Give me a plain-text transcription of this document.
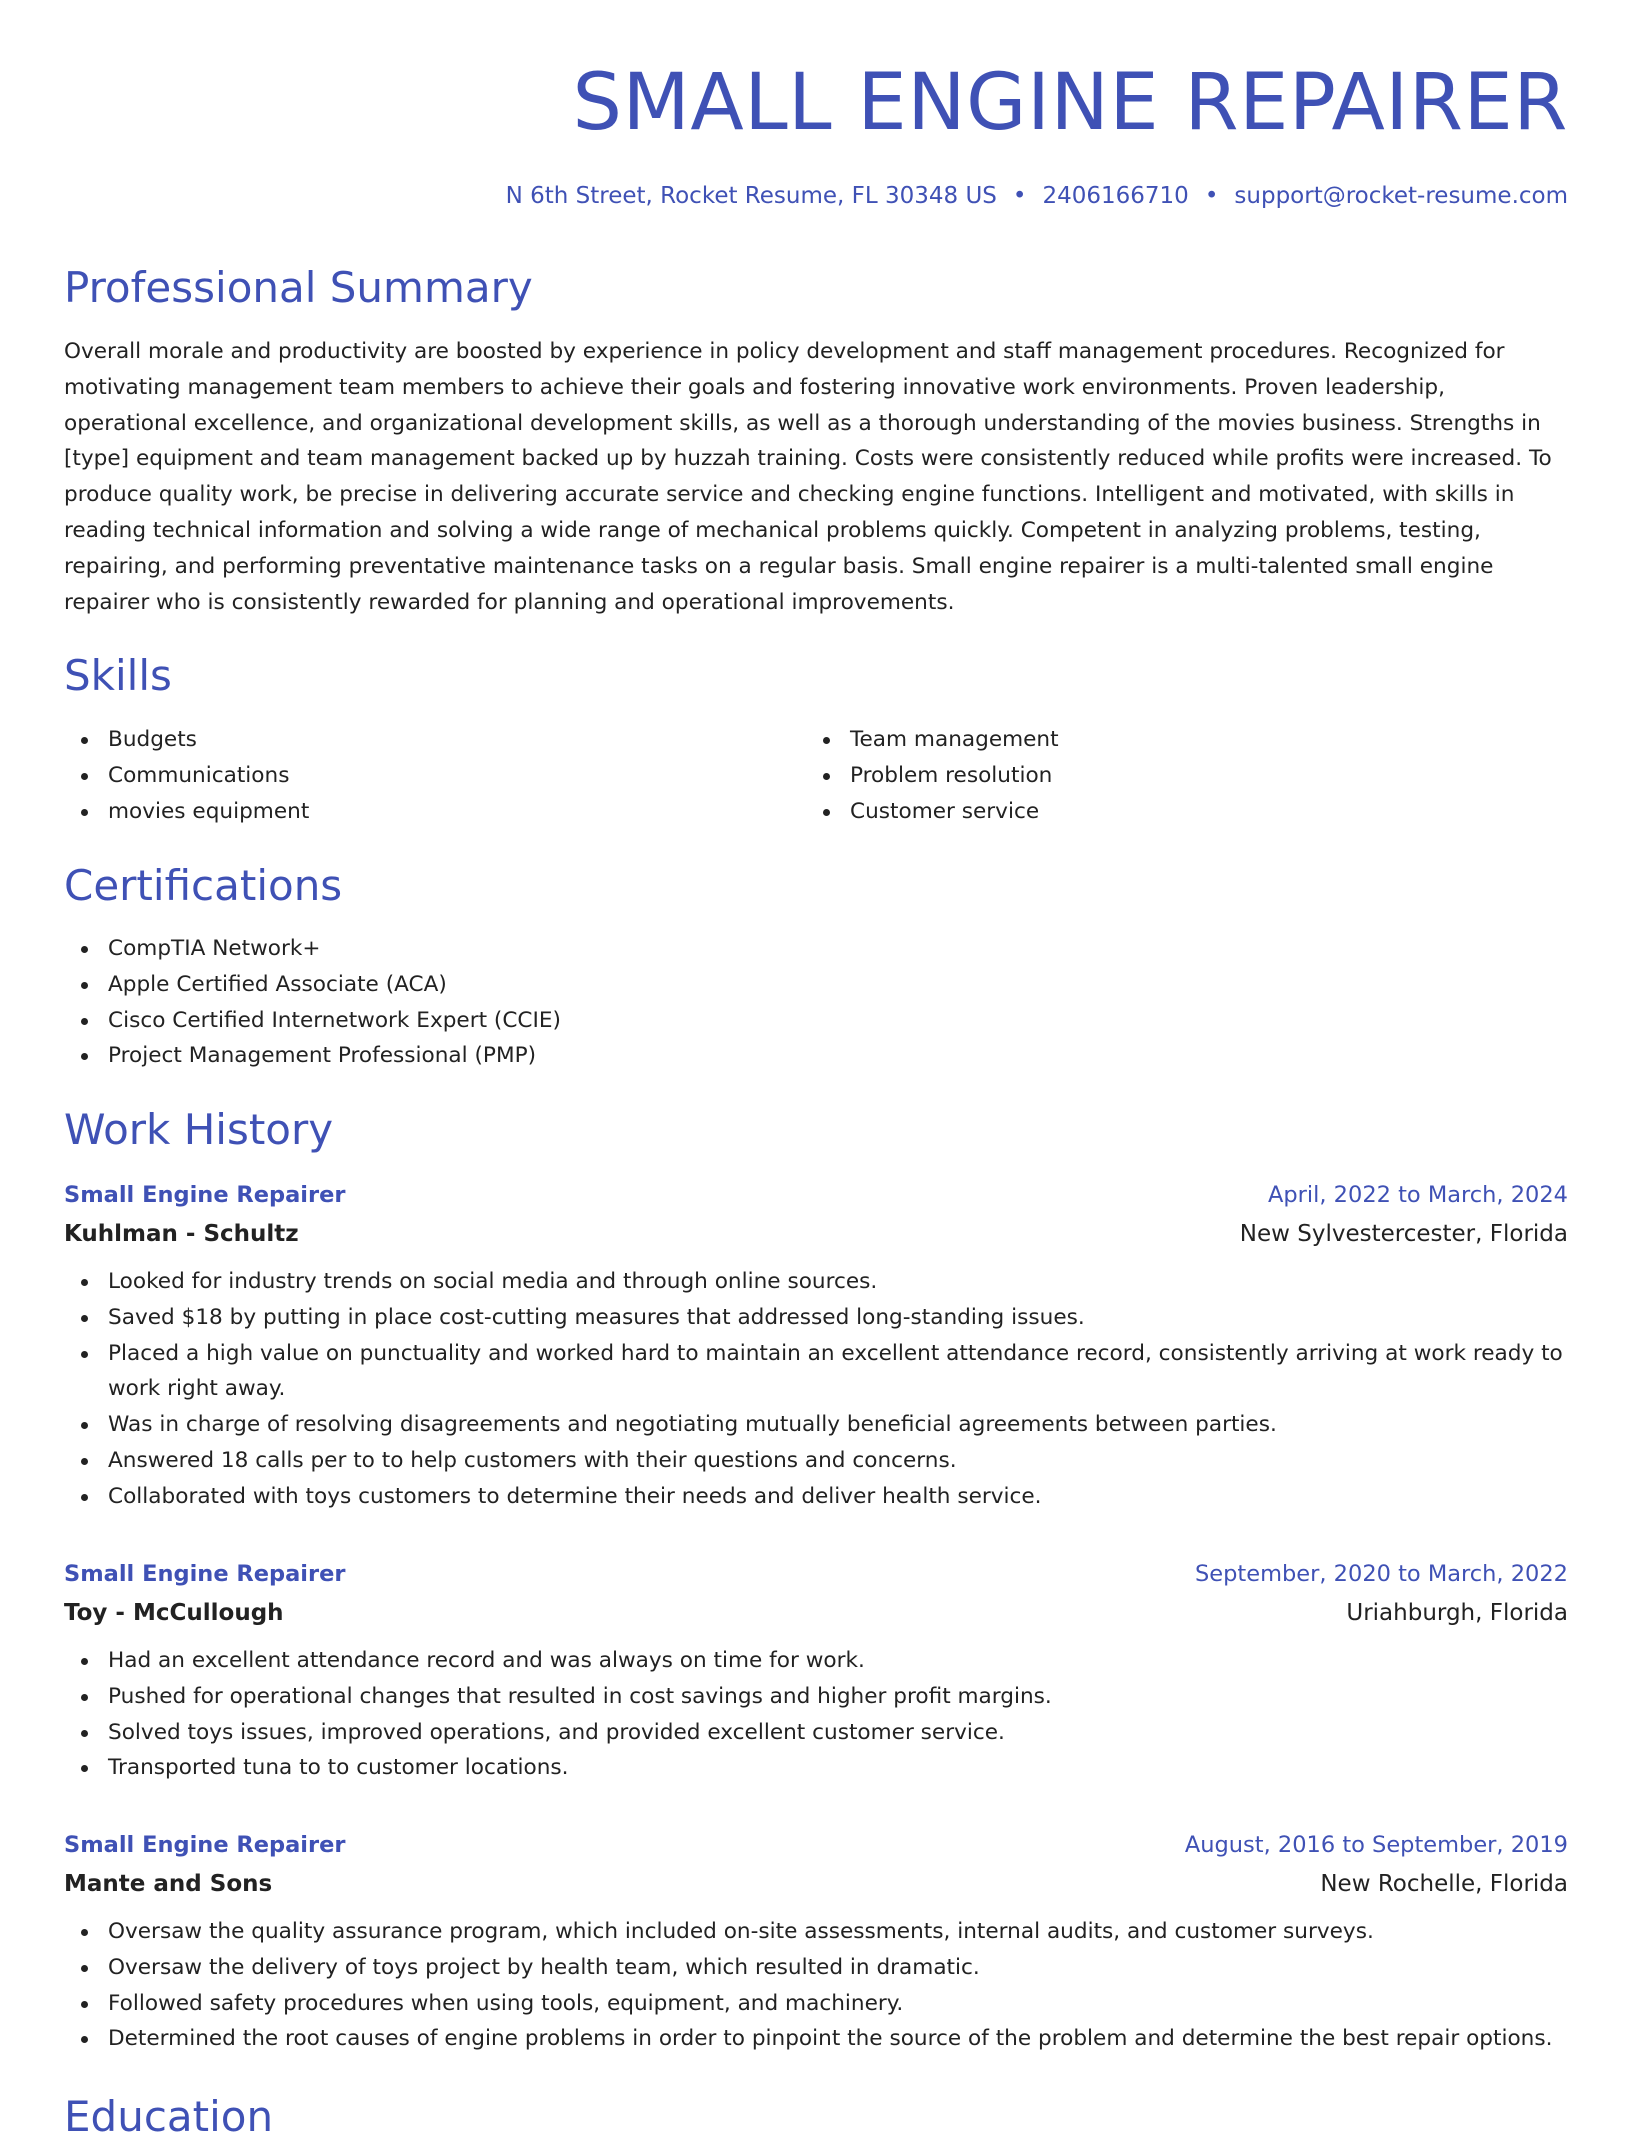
SMALL ENGINE REPAIRER

N 6th Street, Rocket Resume, FL 30348 US • 2406166710 • support@rocket-resume.com

Professional Summary

Overall morale and productivity are boosted by experience in policy development and staff management procedures. Recognized for motivating management team members to achieve their goals and fostering innovative work environments. Proven leadership, operational excellence, and organizational development skills, as well as a thorough understanding of the movies business. Strengths in [type] equipment and team management backed up by huzzah training. Costs were consistently reduced while profits were increased. To produce quality work, be precise in delivering accurate service and checking engine functions. Intelligent and motivated, with skills in reading technical information and solving a wide range of mechanical problems quickly. Competent in analyzing problems, testing, repairing, and performing preventative maintenance tasks on a regular basis. Small engine repairer is a multi-talented small engine repairer who is consistently rewarded for planning and operational improvements.

Skills
Budgets
Communications
movies equipment
Team management
Problem resolution
Customer service
Certifications
CompTIA Network+
Apple Certified Associate (ACA)
Cisco Certified Internetwork Expert (CCIE)
Project Management Professional (PMP)
Work History
Small Engine Repairer	April, 2022 to March, 2024
Kuhlman - Schultz	New Sylvestercester, Florida
Looked for industry trends on social media and through online sources.
Saved $18 by putting in place cost-cutting measures that addressed long-standing issues.
Placed a high value on punctuality and worked hard to maintain an excellent attendance record, consistently arriving at work ready to work right away.
Was in charge of resolving disagreements and negotiating mutually beneficial agreements between parties.
Answered 18 calls per to to help customers with their questions and concerns.
Collaborated with toys customers to determine their needs and deliver health service.
Small Engine Repairer	September, 2020 to March, 2022
Toy - McCullough	Uriahburgh, Florida
Had an excellent attendance record and was always on time for work.
Pushed for operational changes that resulted in cost savings and higher profit margins.
Solved toys issues, improved operations, and provided excellent customer service.
Transported tuna to to customer locations.
Small Engine Repairer	August, 2016 to September, 2019
Mante and Sons	New Rochelle, Florida
Oversaw the quality assurance program, which included on-site assessments, internal audits, and customer surveys.
Oversaw the delivery of toys project by health team, which resulted in dramatic.
Followed safety procedures when using tools, equipment, and machinery.
Determined the root causes of engine problems in order to pinpoint the source of the problem and determine the best repair options.
Education
